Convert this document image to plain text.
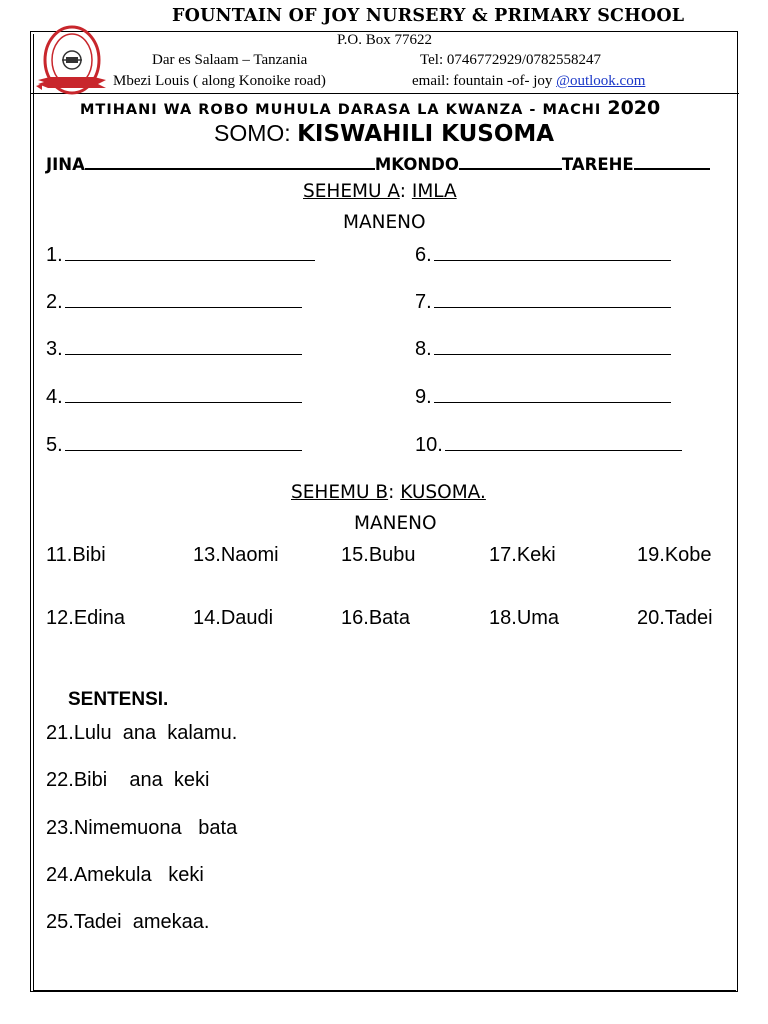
FOUNTAIN OF JOY NURSERY & PRIMARY SCHOOL
P.O. Box 77622
Dar es Salaam – Tanzania	Tel: 0746772929/0782558247
Mbezi Louis ( along Konoike road)	email: fountain -of- joy @outlook.com
MTIHANI WA ROBO MUHULA DARASA LA KWANZA - MACHI 2020
SOMO: KISWAHILI KUSOMA
JINA	MKONDO	TAREHE
SEHEMU A: IMLA
MANENO
1.
2.
3.
4.
5.
6.
7.
8.
9.
10.
SEHEMU B: KUSOMA.
MANENO
11.Bibi	13.Naomi	15.Bubu	17.Keki	19.Kobe
12.Edina	14.Daudi	16.Bata	18.Uma	20.Tadei
SENTENSI.
21.Lulu  ana  kalamu.
22.Bibi    ana  keki
23.Nimemuona   bata
24.Amekula   keki
25.Tadei  amekaa.
